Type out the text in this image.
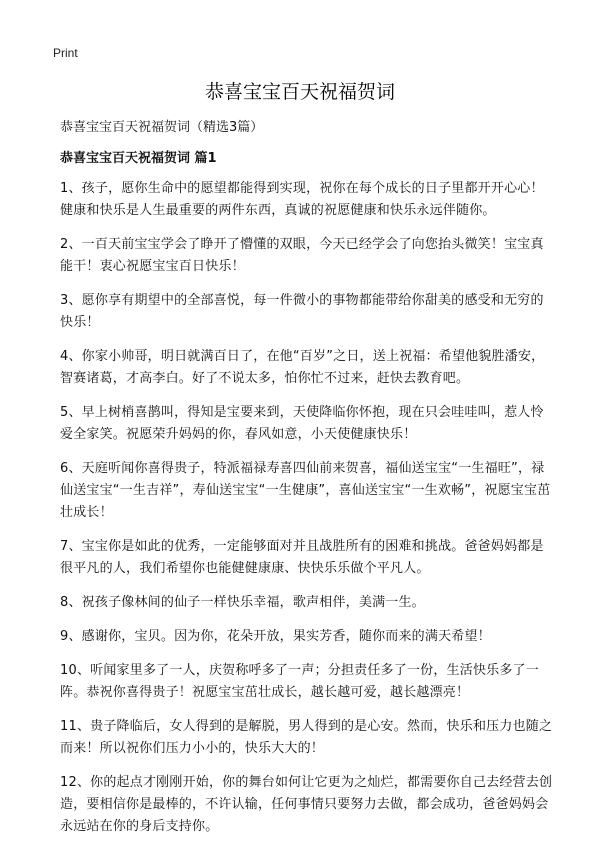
Print
恭喜宝宝百天祝福贺词
恭喜宝宝百天祝福贺词（精选3篇）
恭喜宝宝百天祝福贺词 篇1

1、孩子，愿你生命中的愿望都能得到实现，祝你在每个成长的日子里都开开心心！健康和快乐是人生最重要的两件东西，真诚的祝愿健康和快乐永远伴随你。

2、一百天前宝宝学会了睁开了懵懂的双眼，今天已经学会了向您抬头微笑！宝宝真能干！衷心祝愿宝宝百日快乐！

3、愿你享有期望中的全部喜悦，每一件微小的事物都能带给你甜美的感受和无穷的快乐！

4、你家小帅哥，明日就满百日了，在他“百岁”之日，送上祝福：希望他貌胜潘安，智赛诸葛，才高李白。好了不说太多，怕你忙不过来，赶快去教育吧。

5、早上树梢喜鹊叫，得知是宝要来到，天使降临你怀抱，现在只会哇哇叫，惹人怜爱全家笑。祝愿荣升妈妈的你，春风如意，小天使健康快乐！

6、天庭听闻你喜得贵子，特派福禄寿喜四仙前来贺喜，福仙送宝宝“一生福旺”，禄仙送宝宝“一生吉祥”，寿仙送宝宝“一生健康”，喜仙送宝宝“一生欢畅”，祝愿宝宝茁壮成长！

7、宝宝你是如此的优秀，一定能够面对并且战胜所有的困难和挑战。爸爸妈妈都是很平凡的人，我们希望你也能健健康康、快快乐乐做个平凡人。

8、祝孩子像林间的仙子一样快乐幸福，歌声相伴，美满一生。

9、感谢你，宝贝。因为你，花朵开放，果实芳香，随你而来的满天希望！

10、听闻家里多了一人，庆贺称呼多了一声；分担责任多了一份，生活快乐多了一阵。恭祝你喜得贵子！祝愿宝宝茁壮成长，越长越可爱，越长越漂亮！

11、贵子降临后，女人得到的是解脱，男人得到的是心安。然而，快乐和压力也随之而来！所以祝你们压力小小的，快乐大大的！

12、你的起点才刚刚开始，你的舞台如何让它更为之灿烂，都需要你自己去经营去创造，要相信你是最棒的，不许认输，任何事情只要努力去做，都会成功，爸爸妈妈会永远站在你的身后支持你。
